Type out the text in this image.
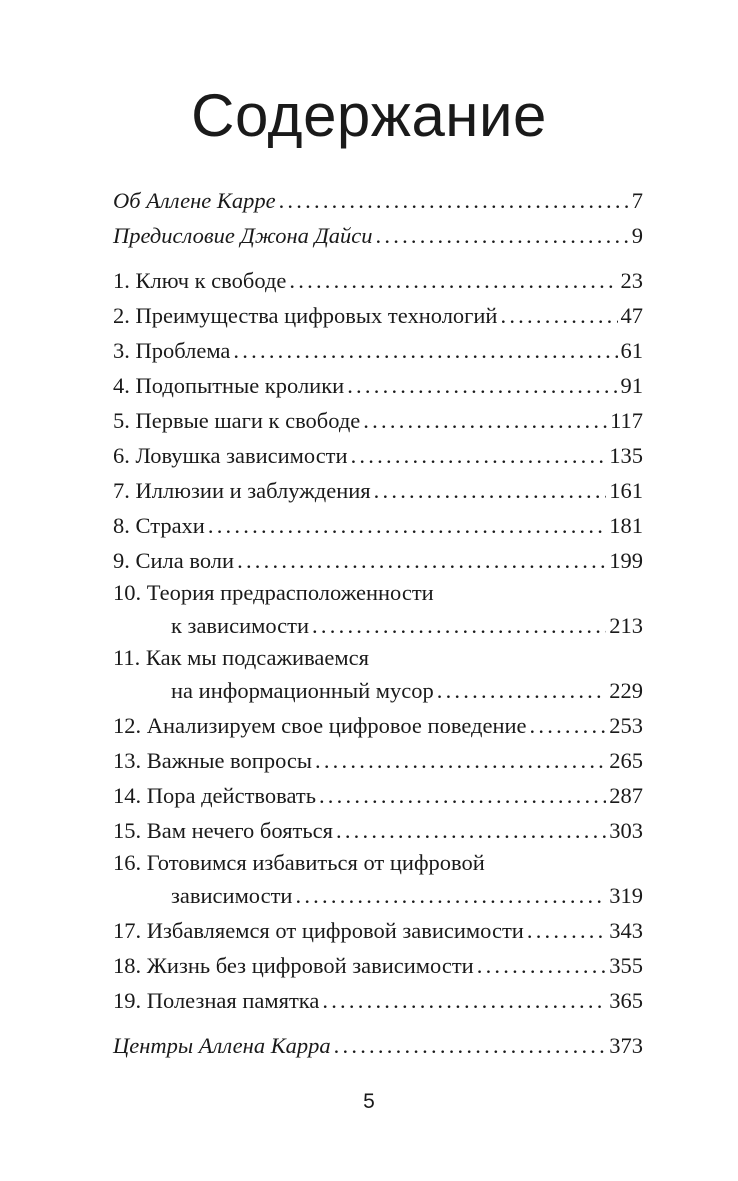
Содержание
Об Аллене Карре . . .	7
Предисловие Джона Дайси . . .	9
1. Ключ к свободе . . .	23
2. Преимущества цифровых технологий . . .	47
3. Проблема . . .	61
4. Подопытные кролики . . .	91
5. Первые шаги к свободе . . .	117
6. Ловушка зависимости . . .	135
7. Иллюзии и заблуждения . . .	161
8. Страхи . . .	181
9. Сила воли . . .	199
10. Теория предрасположенности
к зависимости . . .	213
11. Как мы подсаживаемся
на информационный мусор . . .	229
12. Анализируем свое цифровое поведение . . .	253
13. Важные вопросы . . .	265
14. Пора действовать . . .	287
15. Вам нечего бояться . . .	303
16. Готовимся избавиться от цифровой
зависимости . . .	319
17. Избавляемся от цифровой зависимости . . .	343
18. Жизнь без цифровой зависимости . . .	355
19. Полезная памятка . . .	365
Центры Аллена Карра . . .	373
5
